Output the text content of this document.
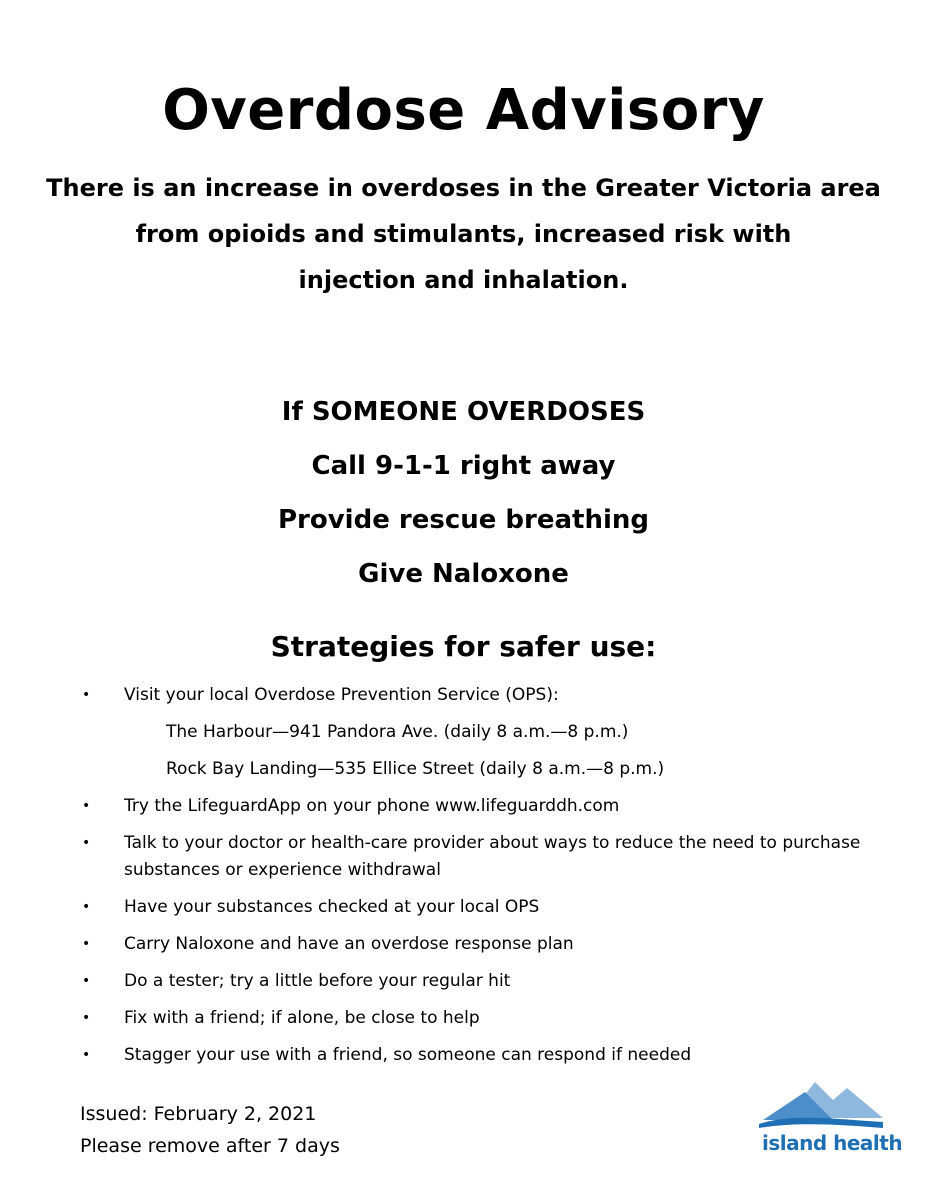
Overdose Advisory
There is an increase in overdoses in the Greater Victoria area
from opioids and stimulants, increased risk with
injection and inhalation.
If SOMEONE OVERDOSES
Call 9-1-1 right away
Provide rescue breathing
Give Naloxone
Strategies for safer use:
• Visit your local Overdose Prevention Service (OPS):
The Harbour—941 Pandora Ave. (daily 8 a.m.—8 p.m.)
Rock Bay Landing—535 Ellice Street (daily 8 a.m.—8 p.m.)
• Try the LifeguardApp on your phone www.lifeguarddh.com
• Talk to your doctor or health-care provider about ways to reduce the need to purchase substances or experience withdrawal
• Have your substances checked at your local OPS
• Carry Naloxone and have an overdose response plan
• Do a tester; try a little before your regular hit
• Fix with a friend; if alone, be close to help
• Stagger your use with a friend, so someone can respond if needed
Issued: February 2, 2021
Please remove after 7 days	island health
